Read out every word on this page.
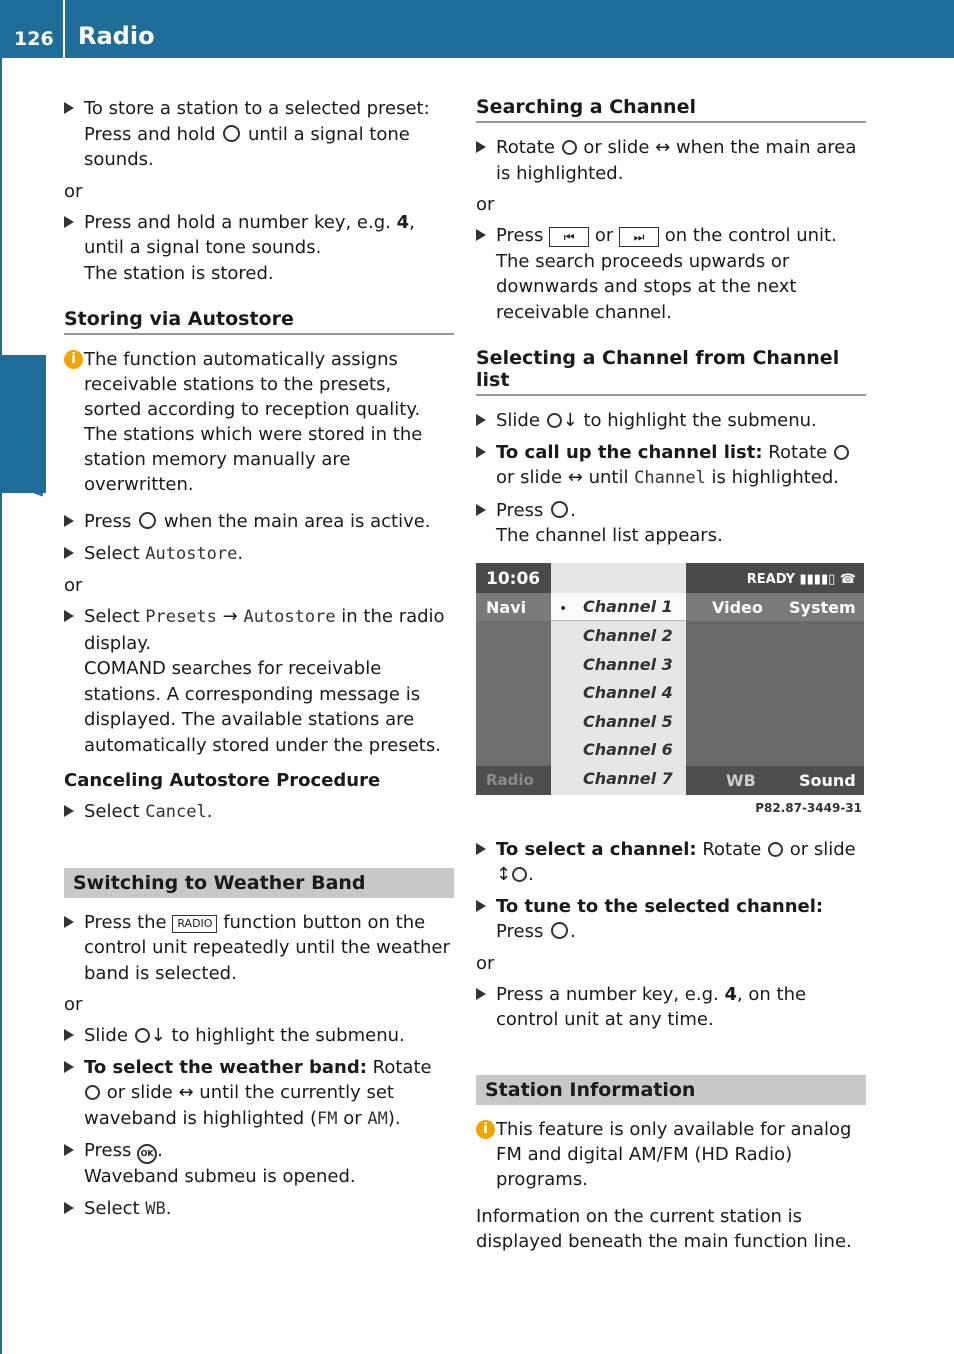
126 Radio
Audio
To store a station to a selected preset: Press and hold  until a signal tone sounds.
or
Press and hold a number key, e.g. 4, until a signal tone sounds.
The station is stored.
Storing via Autostore
i The function automatically assigns receivable stations to the presets, sorted according to reception quality. The stations which were stored in the station memory manually are overwritten.
Press  when the main area is active.
Select Autostore.
or
Select Presets → Autostore in the radio display.
COMAND searches for receivable stations. A corresponding message is displayed. The available stations are automatically stored under the presets.
Canceling Autostore Procedure
Select Cancel.
Switching to Weather Band
Press the RADIO function button on the control unit repeatedly until the weather band is selected.
or
Slide ↓ to highlight the submenu.
To select the weather band: Rotate
or slide ↔ until the currently set waveband is highlighted (FM or AM).
Press OK .
Waveband submeu is opened.
Select WB.
Searching a Channel
Rotate  or slide ↔ when the main area is highlighted.
or
Press ⏮ or ⏭ on the control unit. The search proceeds upwards or downwards and stops at the next receivable channel.
Selecting a Channel from Channel list
Slide ↓ to highlight the submenu.
To call up the channel list: Rotate
or slide ↔ until Channel is highlighted.
Press .
The channel list appears.
10:06	READY ▮▮▮▮▯ ☎
Navi	Video System
Radio	WB	Sound
• Channel 1
Channel 2
Channel 3
Channel 4
Channel 5
Channel 6
Channel 7
P82.87-3449-31
To select a channel: Rotate  or slide
↕ .
To tune to the selected channel:
Press .
or
Press a number key, e.g. 4, on the control unit at any time.
Station Information
i This feature is only available for analog FM and digital AM/FM (HD Radio) programs.
Information on the current station is displayed beneath the main function line.
